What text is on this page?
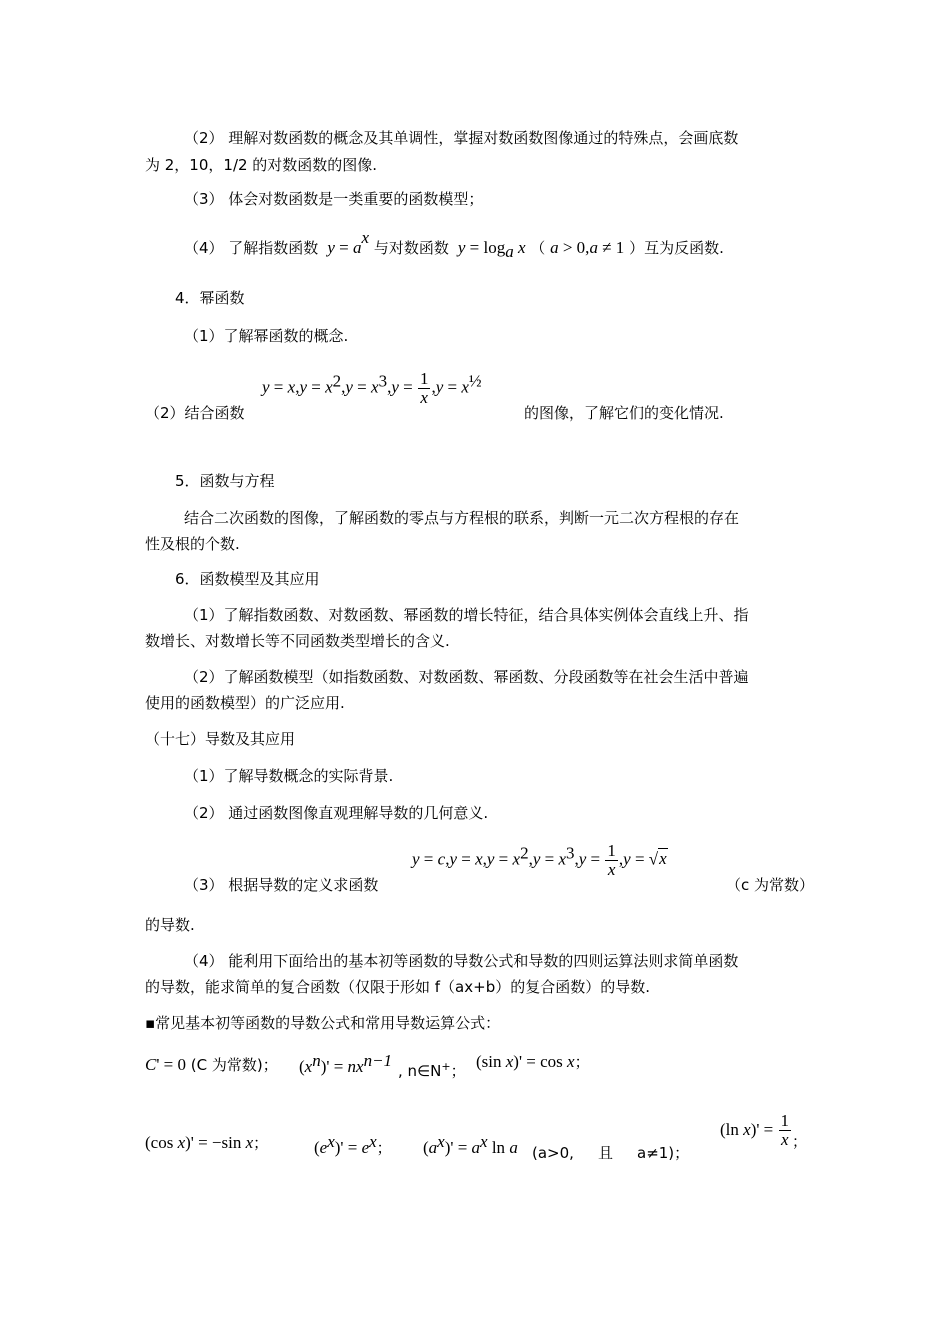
（2） 理解对数函数的概念及其单调性，掌握对数函数图像通过的特殊点，会画底数
为 2，10，1/2 的对数函数的图像.
（3） 体会对数函数是一类重要的函数模型；
（4） 了解指数函数  $y = a^x$ 与对数函数  $y = \log_a x$ （ a > 0,a ≠ 1 ）互为反函数.
4．幂函数
（1）了解幂函数的概念.
（2）结合函数
$y = x,y = x^2,y = x^3,y = \frac{1}{x} ,y = x^{\frac{1}{2}}$
的图像，了解它们的变化情况.
5．函数与方程
结合二次函数的图像，了解函数的零点与方程根的联系，判断一元二次方程根的存在
性及根的个数.
6．函数模型及其应用
（1）了解指数函数、对数函数、幂函数的增长特征，结合具体实例体会直线上升、指
数增长、对数增长等不同函数类型增长的含义.
（2）了解函数模型（如指数函数、对数函数、幂函数、分段函数等在社会生活中普遍
使用的函数模型）的广泛应用.
（十七）导数及其应用
（1）了解导数概念的实际背景.
（2） 通过函数图像直观理解导数的几何意义.
（3） 根据导数的定义求函数
$y = c,y = x,y = x^2,y = x^3,y = \frac{1}{x} ,y = √x$
（c 为常数）
的导数.
（4） 能利用下面给出的基本初等函数的导数公式和导数的四则运算法则求简单函数
的导数，能求简单的复合函数（仅限于形如 f（ax+b）的复合函数）的导数.
▪常见基本初等函数的导数公式和常用导数运算公式：
C' = 0 (C 为常数)； $(x^n)' = nx^{n-1}$
, n∈N+； (sin x)' = cos x；
(cos x)' = −sin x；	$(e^x)' = e^x$； $(a^x)' = a^x$ ln a (a>0, 且 a≠1)；
(ln $x)' = \frac{1}{x}$ ；
